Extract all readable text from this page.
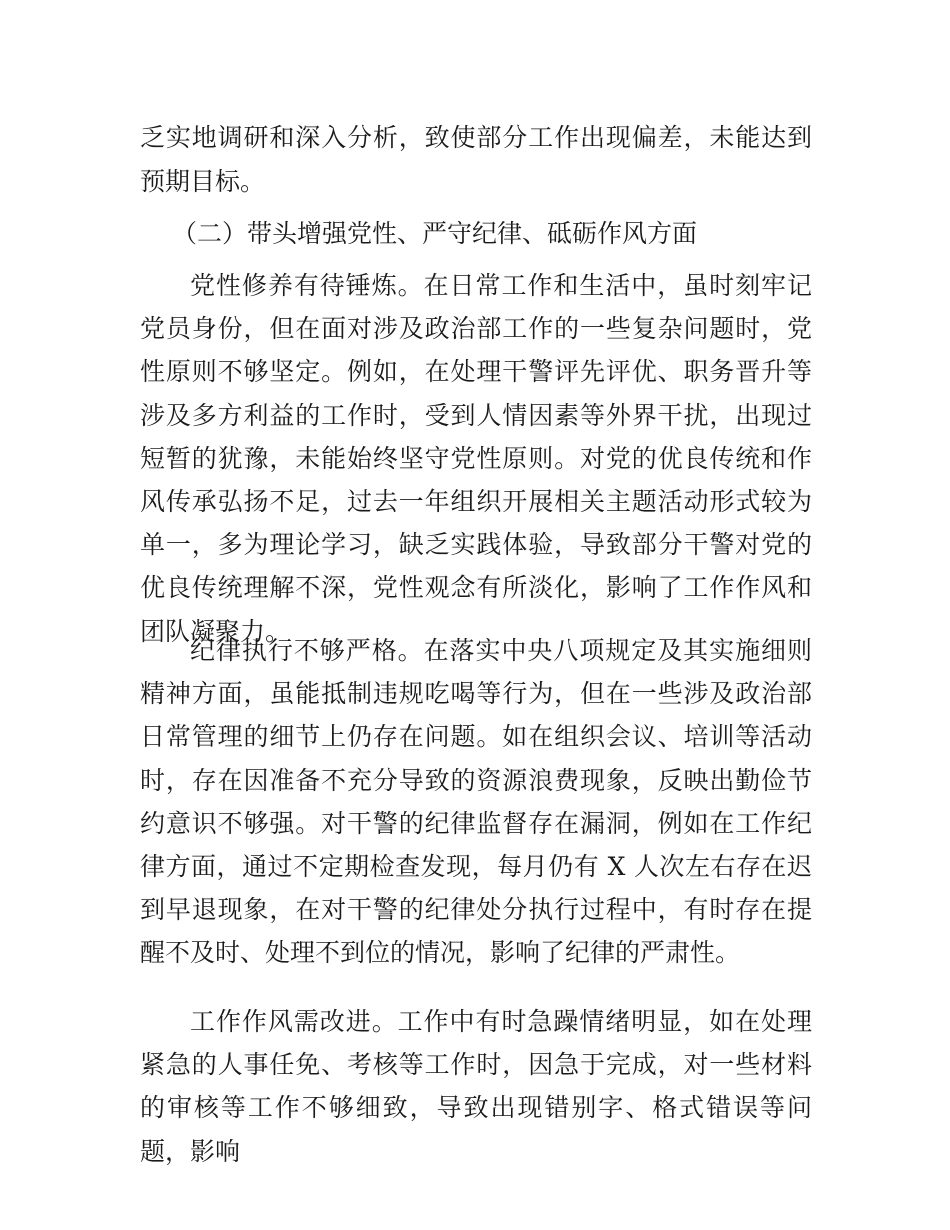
乏实地调研和深入分析，致使部分工作出现偏差，未能达到预期目标。

（二）带头增强党性、严守纪律、砥砺作风方面

党性修养有待锤炼。在日常工作和生活中，虽时刻牢记党员身份，但在面对涉及政治部工作的一些复杂问题时，党性原则不够坚定。例如，在处理干警评先评优、职务晋升等涉及多方利益的工作时，受到人情因素等外界干扰，出现过短暂的犹豫，未能始终坚守党性原则。对党的优良传统和作风传承弘扬不足，过去一年组织开展相关主题活动形式较为单一，多为理论学习，缺乏实践体验，导致部分干警对党的优良传统理解不深，党性观念有所淡化，影响了工作作风和团队凝聚力。

纪律执行不够严格。在落实中央八项规定及其实施细则精神方面，虽能抵制违规吃喝等行为，但在一些涉及政治部日常管理的细节上仍存在问题。如在组织会议、培训等活动时，存在因准备不充分导致的资源浪费现象，反映出勤俭节约意识不够强。对干警的纪律监督存在漏洞，例如在工作纪律方面，通过不定期检查发现，每月仍有 X 人次左右存在迟到早退现象，在对干警的纪律处分执行过程中，有时存在提醒不及时、处理不到位的情况，影响了纪律的严肃性。

工作作风需改进。工作中有时急躁情绪明显，如在处理紧急的人事任免、考核等工作时，因急于完成，对一些材料的审核等工作不够细致，导致出现错别字、格式错误等问题，影响
